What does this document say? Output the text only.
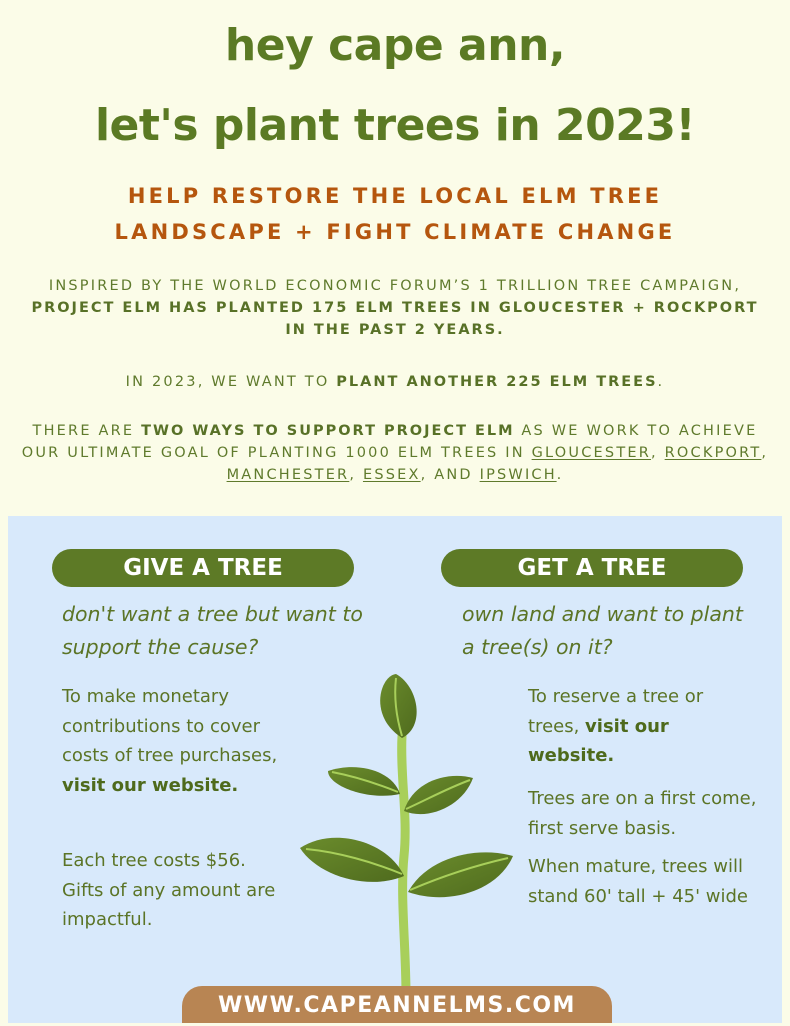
hey cape ann,
let's plant trees in 2023!
HELP RESTORE THE LOCAL ELM TREE
LANDSCAPE + FIGHT CLIMATE CHANGE
INSPIRED BY THE WORLD ECONOMIC FORUM’S 1 TRILLION TREE CAMPAIGN, PROJECT ELM HAS PLANTED 175 ELM TREES IN GLOUCESTER + ROCKPORT IN THE PAST 2 YEARS.
IN 2023, WE WANT TO PLANT ANOTHER 225 ELM TREES.
THERE ARE TWO WAYS TO SUPPORT PROJECT ELM AS WE WORK TO ACHIEVE OUR ULTIMATE GOAL OF PLANTING 1000 ELM TREES IN GLOUCESTER, ROCKPORT, MANCHESTER, ESSEX, AND IPSWICH.
GIVE A TREE	GET A TREE
don't want a tree but want to support the cause?
own land and want to plant a tree(s) on it?
To make monetary contributions to cover costs of tree purchases, visit our website.
Each tree costs $56. Gifts of any amount are impactful.
To reserve a tree or trees, visit our website.
Trees are on a first come, first serve basis.
When mature, trees will stand 60' tall + 45' wide
WWW.CAPEANNELMS.COM
